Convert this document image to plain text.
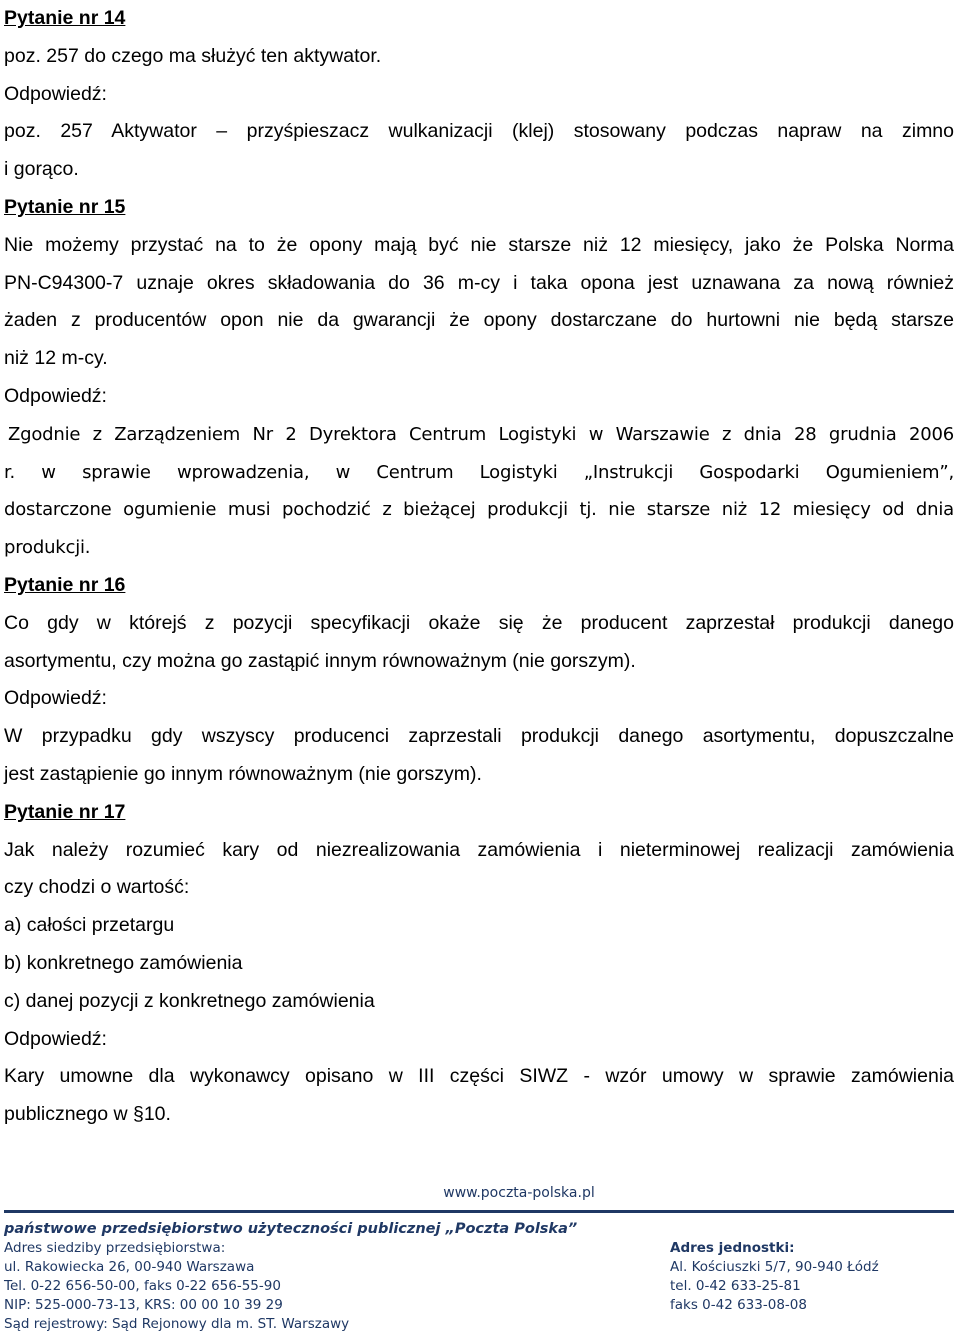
Pytanie nr 14
poz. 257 do czego ma służyć ten aktywator.
Odpowiedź:
poz. 257 Aktywator – przyśpieszacz wulkanizacji (klej) stosowany podczas napraw na zimno
i gorąco.
Pytanie nr 15
Nie możemy przystać na to że opony mają być nie starsze niż 12 miesięcy, jako że Polska Norma
PN-C94300-7 uznaje okres składowania do 36 m-cy i taka opona jest uznawana za nową również
żaden z producentów opon nie da gwarancji że opony dostarczane do hurtowni nie będą starsze
niż 12 m-cy.
Odpowiedź:
Zgodnie z Zarządzeniem Nr 2 Dyrektora Centrum Logistyki w Warszawie z dnia 28 grudnia 2006
r. w sprawie wprowadzenia, w Centrum Logistyki „Instrukcji Gospodarki Ogumieniem”,
dostarczone ogumienie musi pochodzić z bieżącej produkcji tj. nie starsze niż 12 miesięcy od dnia
produkcji.
Pytanie nr 16
Co gdy w którejś z pozycji specyfikacji okaże się że producent zaprzestał produkcji danego
asortymentu, czy można go zastąpić innym równoważnym (nie gorszym).
Odpowiedź:
W przypadku gdy wszyscy producenci zaprzestali produkcji danego asortymentu, dopuszczalne
jest zastąpienie go innym równoważnym (nie gorszym).
Pytanie nr 17
Jak należy rozumieć kary od niezrealizowania zamówienia i nieterminowej realizacji zamówienia
czy chodzi o wartość:
a) całości przetargu
b) konkretnego zamówienia
c) danej pozycji z konkretnego zamówienia
Odpowiedź:
Kary umowne dla wykonawcy opisano w III części SIWZ - wzór umowy w sprawie zamówienia
publicznego w §10.
www.poczta-polska.pl
państwowe przedsiębiorstwo użyteczności publicznej „Poczta Polska”
Adres siedziby przedsiębiorstwa:
ul. Rakowiecka 26, 00-940 Warszawa
Tel. 0-22 656-50-00, faks 0-22 656-55-90
NIP: 525-000-73-13, KRS: 00 00 10 39 29
Sąd rejestrowy: Sąd Rejonowy dla m. ST. Warszawy
Adres jednostki:
Al. Kościuszki 5/7, 90-940 Łódź
tel. 0-42 633-25-81
faks 0-42 633-08-08
